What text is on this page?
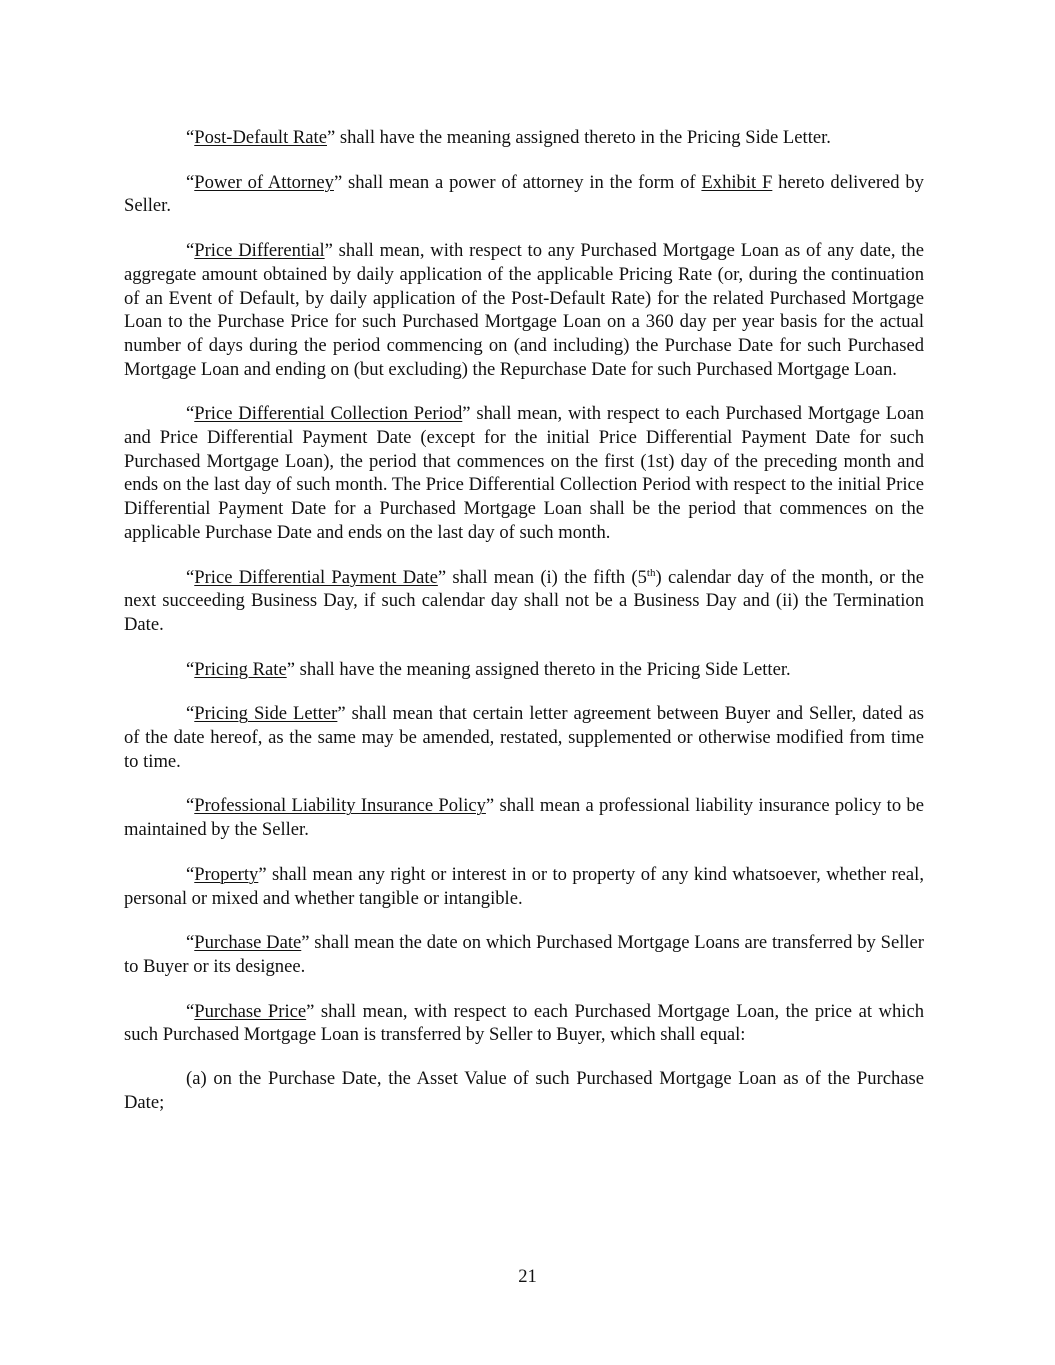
“Post-Default Rate” shall have the meaning assigned thereto in the Pricing Side Letter.

“Power of Attorney” shall mean a power of attorney in the form of Exhibit F hereto delivered by Seller.

“Price Differential” shall mean, with respect to any Purchased Mortgage Loan as of any date, the aggregate amount obtained by daily application of the applicable Pricing Rate (or, during the continuation of an Event of Default, by daily application of the Post-Default Rate) for the related Purchased Mortgage Loan to the Purchase Price for such Purchased Mortgage Loan on a 360 day per year basis for the actual number of days during the period commencing on (and including) the Purchase Date for such Purchased Mortgage Loan and ending on (but excluding) the Repurchase Date for such Purchased Mortgage Loan.

“Price Differential Collection Period” shall mean, with respect to each Purchased Mortgage Loan and Price Differential Payment Date (except for the initial Price Differential Payment Date for such Purchased Mortgage Loan), the period that commences on the first (1st) day of the preceding month and ends on the last day of such month. The Price Differential Collection Period with respect to the initial Price Differential Payment Date for a Purchased Mortgage Loan shall be the period that commences on the applicable Purchase Date and ends on the last day of such month.

“Price Differential Payment Date” shall mean (i) the fifth (5th) calendar day of the month, or the next succeeding Business Day, if such calendar day shall not be a Business Day and (ii) the Termination Date.

“Pricing Rate” shall have the meaning assigned thereto in the Pricing Side Letter.

“Pricing Side Letter” shall mean that certain letter agreement between Buyer and Seller, dated as of the date hereof, as the same may be amended, restated, supplemented or otherwise modified from time to time.

“Professional Liability Insurance Policy” shall mean a professional liability insurance policy to be maintained by the Seller.

“Property” shall mean any right or interest in or to property of any kind whatsoever, whether real, personal or mixed and whether tangible or intangible.

“Purchase Date” shall mean the date on which Purchased Mortgage Loans are transferred by Seller to Buyer or its designee.

“Purchase Price” shall mean, with respect to each Purchased Mortgage Loan, the price at which such Purchased Mortgage Loan is transferred by Seller to Buyer, which shall equal:

(a) on the Purchase Date, the Asset Value of such Purchased Mortgage Loan as of the Purchase Date;

21
